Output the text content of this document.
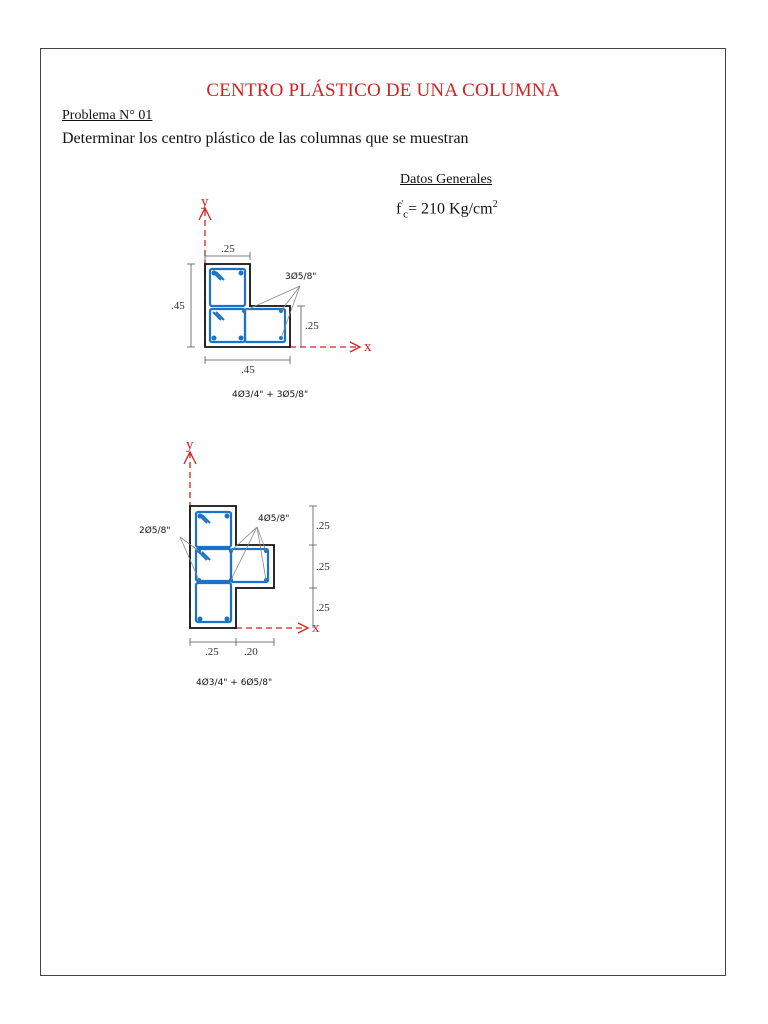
CENTRO PLÁSTICO DE UNA COLUMNA
Problema N° 01
Determinar los centro plástico de las columnas que se muestran
Datos Generales
$f'_c= 210$ $Kg/cm^2$
y
x
3Ø5/8"
.25
.45
.25
.45
4Ø3/4" + 3Ø5/8"
y
x
2Ø5/8"
4Ø5/8"
.25
.25
.25
.25 .20
4Ø3/4" + 6Ø5/8"
